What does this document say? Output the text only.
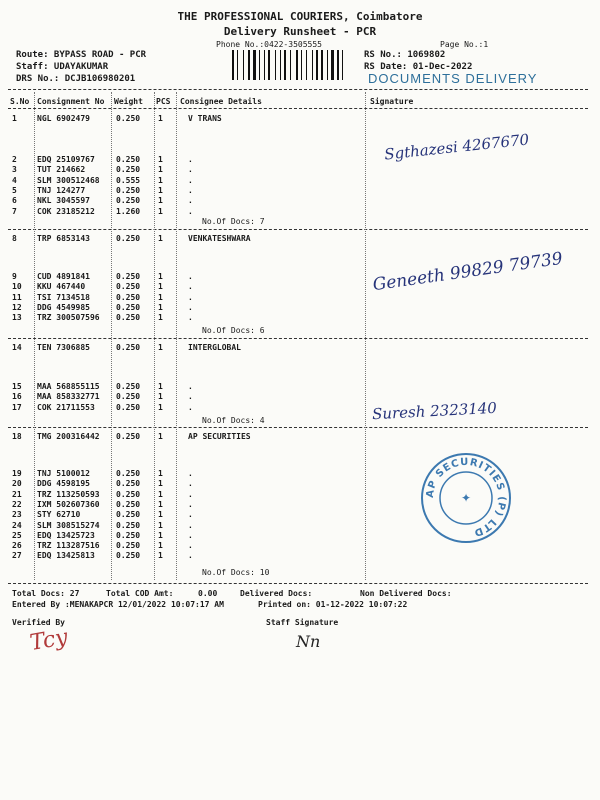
THE PROFESSIONAL COURIERS, Coimbatore
Delivery Runsheet - PCR
Phone No.:0422-3505555	Page No.:1
Route: BYPASS ROAD - PCR
Staff: UDAYAKUMAR
DRS No.: DCJB106980201
RS No.: 1069802
RS Date: 01-Dec-2022
DOCUMENTS DELIVERY
S.No Consignment No Weight PCS Consignee Details	Signature
1	NGL 6902479	0.250 1	V TRANS
2	EDQ 25109767	0.250 1	.
3	TUT 214662	0.250 1	.
4	SLM 300512468 0.555 1	.
5	TNJ 124277	0.250 1	.
6	NKL 3045597	0.250 1	.
7	COK 23185212	1.260 1	.
No.Of Docs: 7
8	TRP 6853143	0.250 1	VENKATESHWARA
9	CUD 4891841	0.250 1	.
10 KKU 467440	0.250 1	.
11 TSI 7134518	0.250 1	.
12 DDG 4549985	0.250 1	.
13 TRZ 300507596 0.250 1	.
No.Of Docs: 6
14 TEN 7306885	0.250 1	INTERGLOBAL
15 MAA 568855115 0.250 1	.
16 MAA 858332771 0.250 1	.
17 COK 21711553	0.250 1	.
No.Of Docs: 4
18 TMG 200316442 0.250 1	AP SECURITIES
19 TNJ 5100012	0.250 1	.
20 DDG 4598195	0.250 1	.
21 TRZ 113250593 0.250 1	.
22 IXM 502607360 0.250 1	.
23 STY 62710	0.250 1	.
24 SLM 308515274 0.250 1	.
25 EDQ 13425723	0.250 1	.
26 TRZ 113287516 0.250 1	.
27 EDQ 13425813	0.250 1	.
No.Of Docs: 10
Sgthazesi 4267670
Geneeth 99829 79739
Suresh 2323140
AP SECURITIES (P) LTD
✦
Total Docs: 27	Total COD Amt:	0.00	Delivered Docs:	Non Delivered Docs:
Entered By :MENAKAPCR 12/01/2022 10:07:17 AM	Printed on: 01-12-2022 10:07:22
Verified By	Staff Signature
Tcy	Nn
